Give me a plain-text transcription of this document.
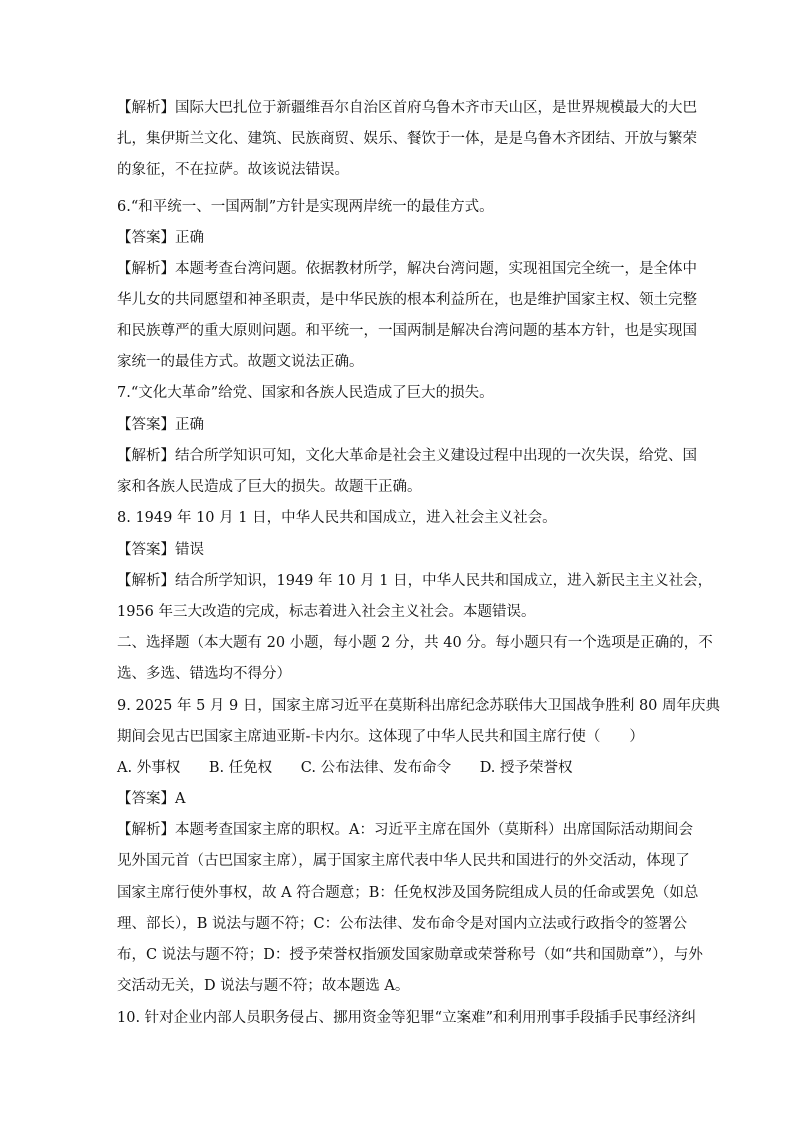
【解析】国际大巴扎位于新疆维吾尔自治区首府乌鲁木齐市天山区，是世界规模最大的大巴
扎，集伊斯兰文化、建筑、民族商贸、娱乐、餐饮于一体，是是乌鲁木齐团结、开放与繁荣
的象征，不在拉萨。故该说法错误。
6.“和平统一、一国两制”方针是实现两岸统一的最佳方式。
【答案】正确
【解析】本题考查台湾问题。依据教材所学，解决台湾问题，实现祖国完全统一，是全体中
华儿女的共同愿望和神圣职责，是中华民族的根本利益所在，也是维护国家主权、领土完整
和民族尊严的重大原则问题。和平统一，一国两制是解决台湾问题的基本方针，也是实现国
家统一的最佳方式。故题文说法正确。
7.“文化大革命”给党、国家和各族人民造成了巨大的损失。
【答案】正确
【解析】结合所学知识可知，文化大革命是社会主义建设过程中出现的一次失误，给党、国
家和各族人民造成了巨大的损失。故题干正确。
8. 1949 年 10 月 1 日，中华人民共和国成立，进入社会主义社会。
【答案】错误
【解析】结合所学知识，1949 年 10 月 1 日，中华人民共和国成立，进入新民主主义社会，
1956 年三大改造的完成，标志着进入社会主义社会。本题错误。
二、选择题（本大题有 20 小题，每小题 2 分，共 40 分。每小题只有一个选项是正确的，不
选、多选、错选均不得分）
9. 2025 年 5 月 9 日，国家主席习近平在莫斯科出席纪念苏联伟大卫国战争胜利 80 周年庆典
期间会见古巴国家主席迪亚斯-卡内尔。这体现了中华人民共和国主席行使（　　）
A. 外事权 B. 任免权 C. 公布法律、发布命令 D. 授予荣誉权
【答案】A
【解析】本题考查国家主席的职权。A：习近平主席在国外（莫斯科）出席国际活动期间会
见外国元首（古巴国家主席），属于国家主席代表中华人民共和国进行的外交活动，体现了
国家主席行使外事权，故 A 符合题意；B：任免权涉及国务院组成人员的任命或罢免（如总
理、部长），B 说法与题不符；C：公布法律、发布命令是对国内立法或行政指令的签署公
布，C 说法与题不符；D：授予荣誉权指颁发国家勋章或荣誉称号（如“共和国勋章”），与外
交活动无关，D 说法与题不符；故本题选 A。
10. 针对企业内部人员职务侵占、挪用资金等犯罪“立案难”和利用刑事手段插手民事经济纠
